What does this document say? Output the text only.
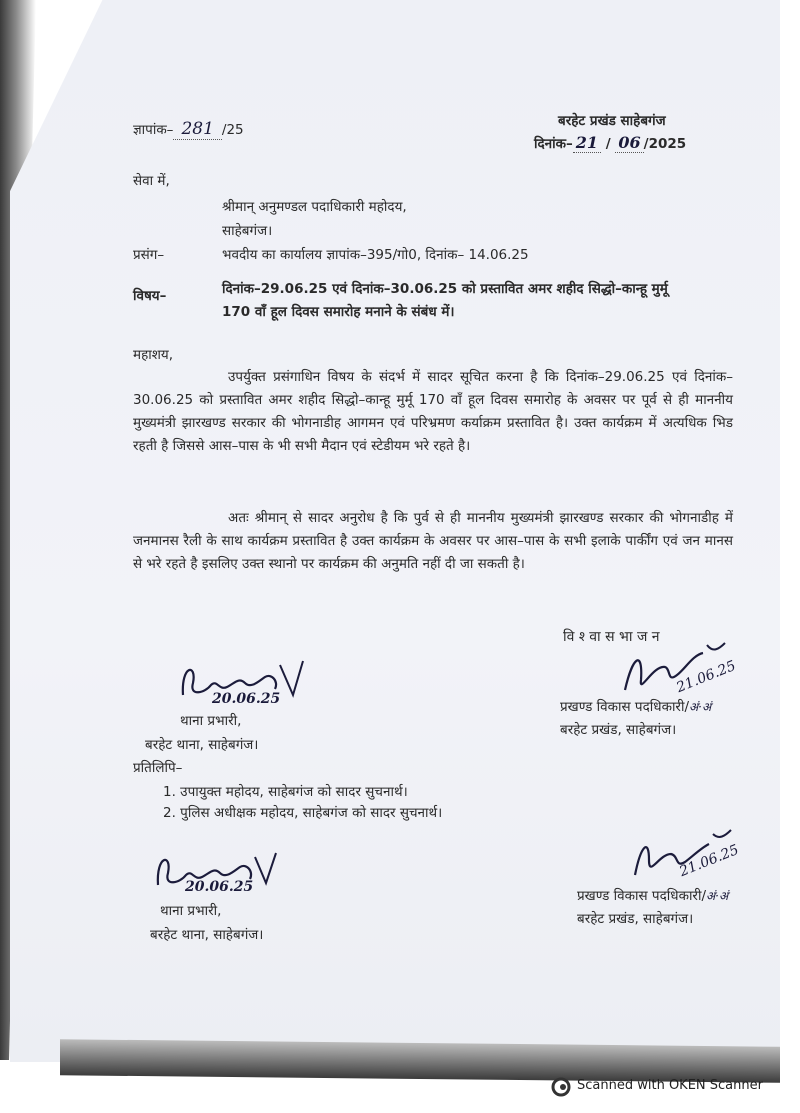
ज्ञापांक– 281 /25
बरहेट प्रखंड साहेबगंज
दिनांक– 21 / 06 /2025
सेवा में,
श्रीमान् अनुमण्डल पदाधिकारी महोदय,
साहेबगंज।
प्रसंग–	भवदीय का कार्यालय ज्ञापांक–395/गो0, दिनांक– 14.06.25
विषय–	दिनांक–29.06.25 एवं दिनांक–30.06.25 को प्रस्तावित अमर शहीद सिद्धो–कान्हू मुर्मू
170 वाँ हूल दिवस समारोह मनाने के संबंध में।
महाशय,
उपर्युक्त प्रसंगाधिन विषय के संदर्भ में सादर सूचित करना है कि दिनांक–29.06.25 एवं दिनांक–30.06.25 को प्रस्तावित अमर शहीद सिद्धो–कान्हू मुर्मू 170 वाँ हूल दिवस समारोह के अवसर पर पूर्व से ही माननीय मुख्यमंत्री झारखण्ड सरकार की भोगनाडीह आगमन एवं परिभ्रमण कर्याक्रम प्रस्तावित है। उक्त कार्यक्रम में अत्यधिक भिड रहती है जिससे आस–पास के भी सभी मैदान एवं स्टेडीयम भरे रहते है।
अतः श्रीमान् से सादर अनुरोध है कि पुर्व से ही माननीय मुख्यमंत्री झारखण्ड सरकार की भोगनाडीह में जनमानस रैली के साथ कार्यक्रम प्रस्तावित है उक्त कार्यक्रम के अवसर पर आस–पास के सभी इलाके पार्कींग एवं जन मानस से भरे रहते है इसलिए उक्त स्थानो पर कार्यक्रम की अनुमति नहीं दी जा सकती है।
वि श्‍ वा स भा ज न
21.06.25
प्रखण्ड विकास पदधिकारी/अं·अं
बरहेट प्रखंड, साहेबगंज।
20.06.25
थाना प्रभारी,
बरहेट थाना, साहेबगंज।
प्रतिलिपि–
1. उपायुक्त महोदय, साहेबगंज को सादर सुचनार्थ।
2. पुलिस अधीक्षक महोदय, साहेबगंज को सादर सुचनार्थ।
21.06.25
प्रखण्ड विकास पदधिकारी/अं·अं
बरहेट प्रखंड, साहेबगंज।
20.06.25
थाना प्रभारी,
बरहेट थाना, साहेबगंज।
Scanned with OKEN Scanner
